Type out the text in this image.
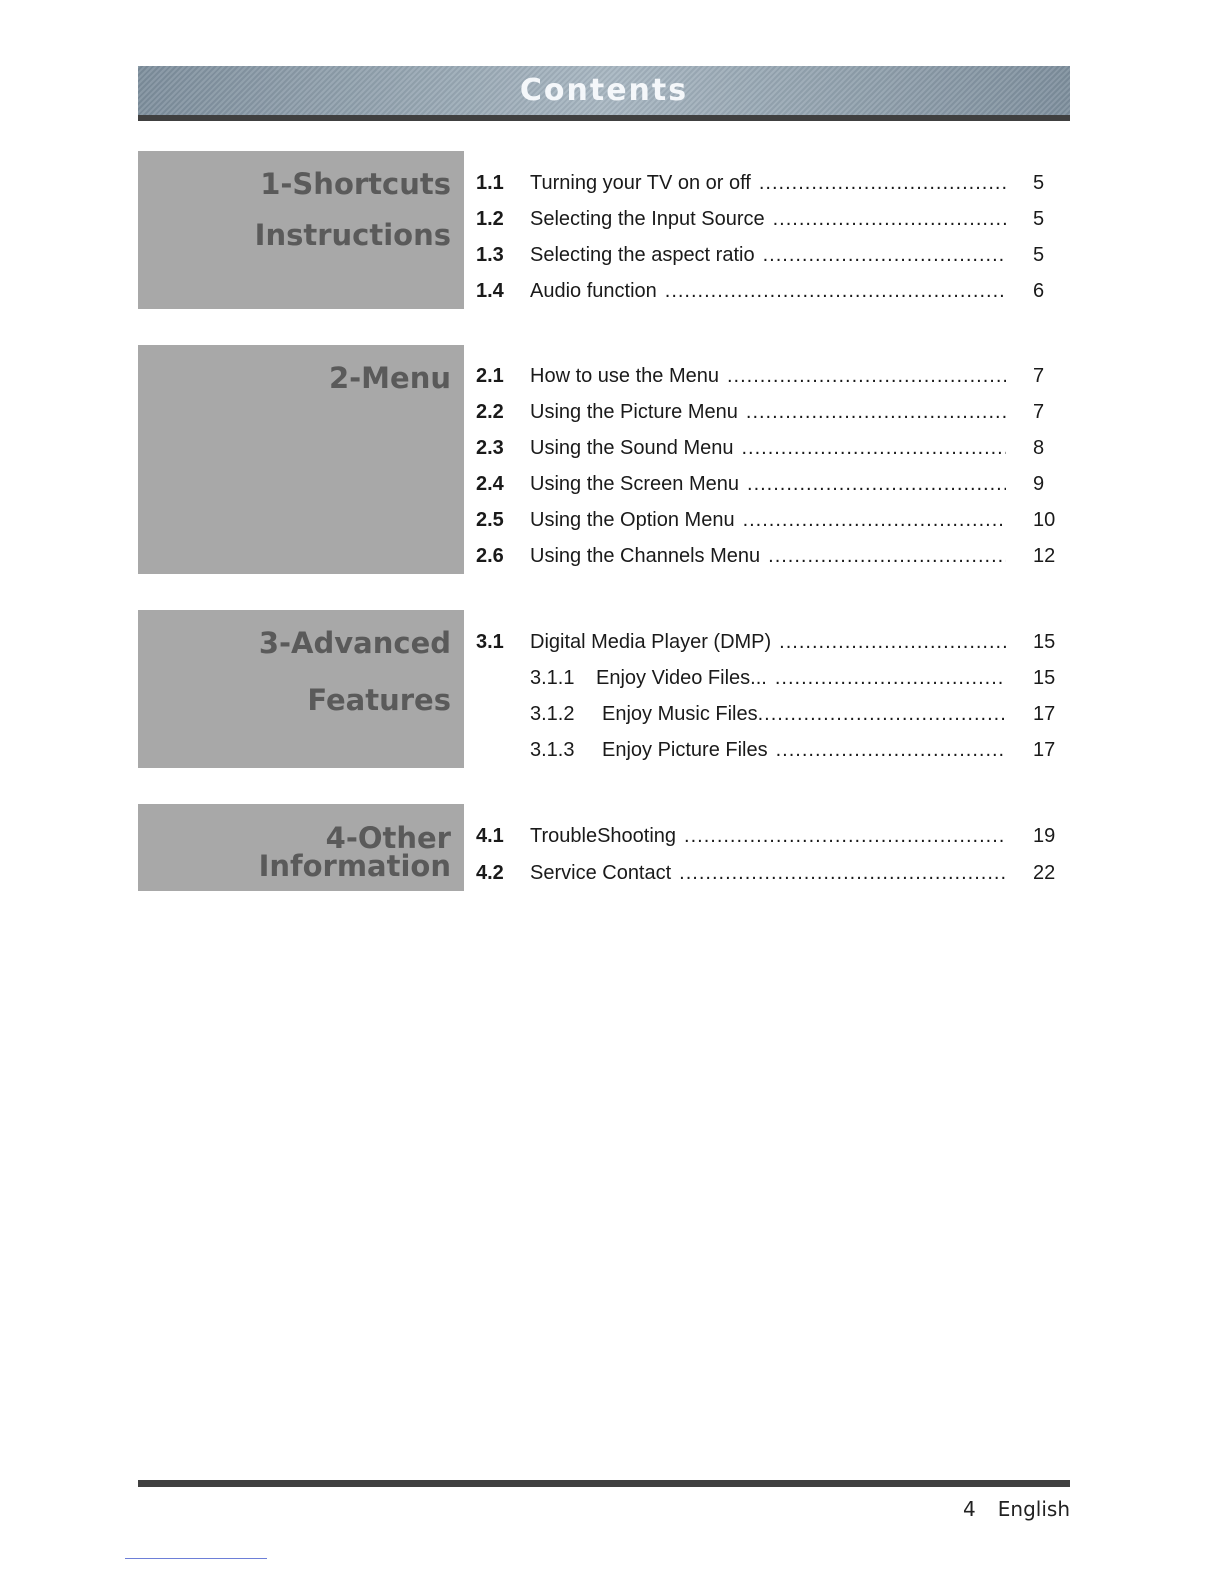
Contents

1-Shortcuts

Instructions

1.1 Turning your TV on or off .....	5
1.2 Selecting the Input Source .....	5
1.3 Selecting the aspect ratio .....	5
1.4 Audio function .....	6

2-Menu 2.1 How to use the Menu .....	7
2.2 Using the Picture Menu .....	7
2.3 Using the Sound Menu .....	8
2.4 Using the Screen Menu .....	9
2.5 Using the Option Menu .....	10
2.6 Using the Channels Menu .....	12

3-Advanced

Features

3.1 Digital Media Player (DMP) .....	15
3.1.1	Enjoy Video Files... .....	15
3.1.2	Enjoy Music Files .....	17
3.1.3	Enjoy Picture Files .....	17

4-Other

Information

4.1 TroubleShooting .....	19
4.2 Service Contact .....	22
4 English
